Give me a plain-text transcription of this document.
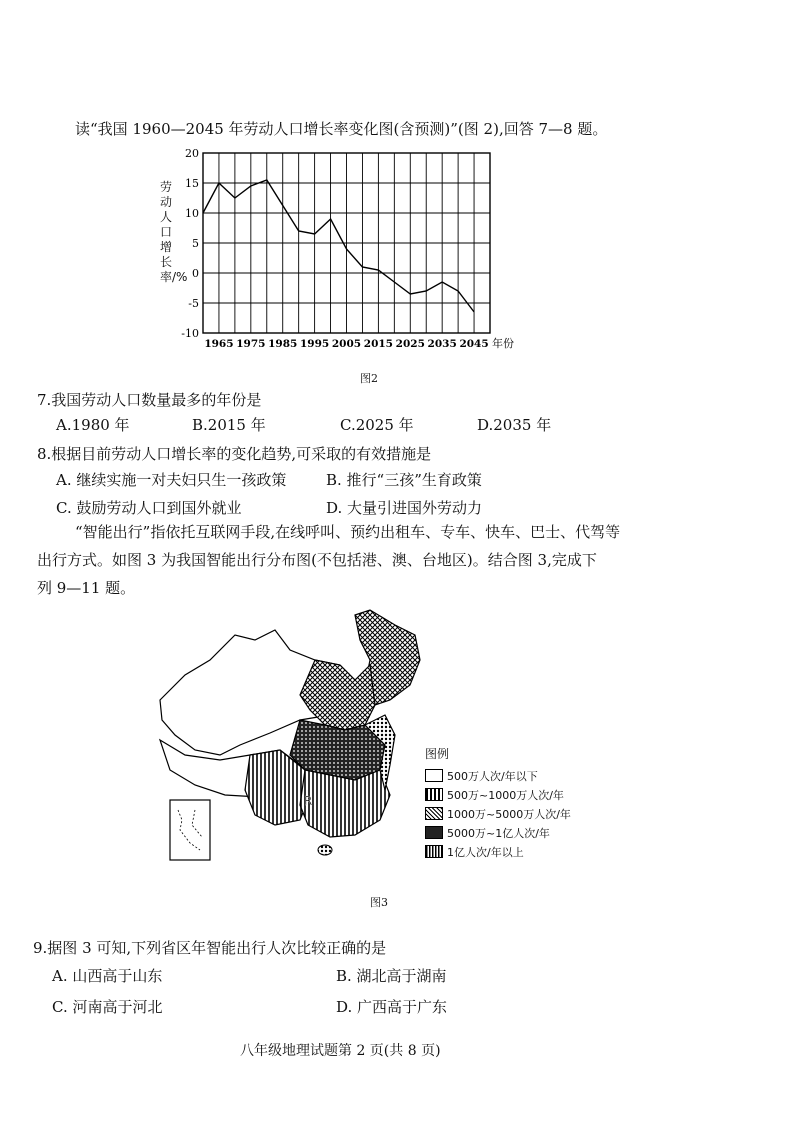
读“我国 1960—2045 年劳动人口增长率变化图(含预测)”(图 2),回答 7—8 题。
20
15
10
5
0
-5
-10
1965 1975 1985 1995 2005 2015 2025 2035 2045 年份
劳动人口增长率/%
图2
7.我国劳动人口数量最多的年份是
A.1980 年	B.2015 年	C.2025 年	D.2035 年
8.根据目前劳动人口增长率的变化趋势,可采取的有效措施是
A. 继续实施一对夫妇只生一孩政策	B. 推行“三孩”生育政策
C. 鼓励劳动人口到国外就业	D. 大量引进国外劳动力
“智能出行”指依托互联网手段,在线呼叫、预约出租车、专车、快车、巴士、代驾等
出行方式。如图 3 为我国智能出行分布图(不包括港、澳、台地区)。结合图 3,完成下
列 9—11 题。
R
图例
500万人次/年以下
500万~1000万人次/年
1000万~5000万人次/年
5000万~1亿人次/年
1亿人次/年以上
图3
9.据图 3 可知,下列省区年智能出行人次比较正确的是
A. 山西高于山东	B. 湖北高于湖南
C. 河南高于河北	D. 广西高于广东
八年级地理试题第 2 页(共 8 页)
